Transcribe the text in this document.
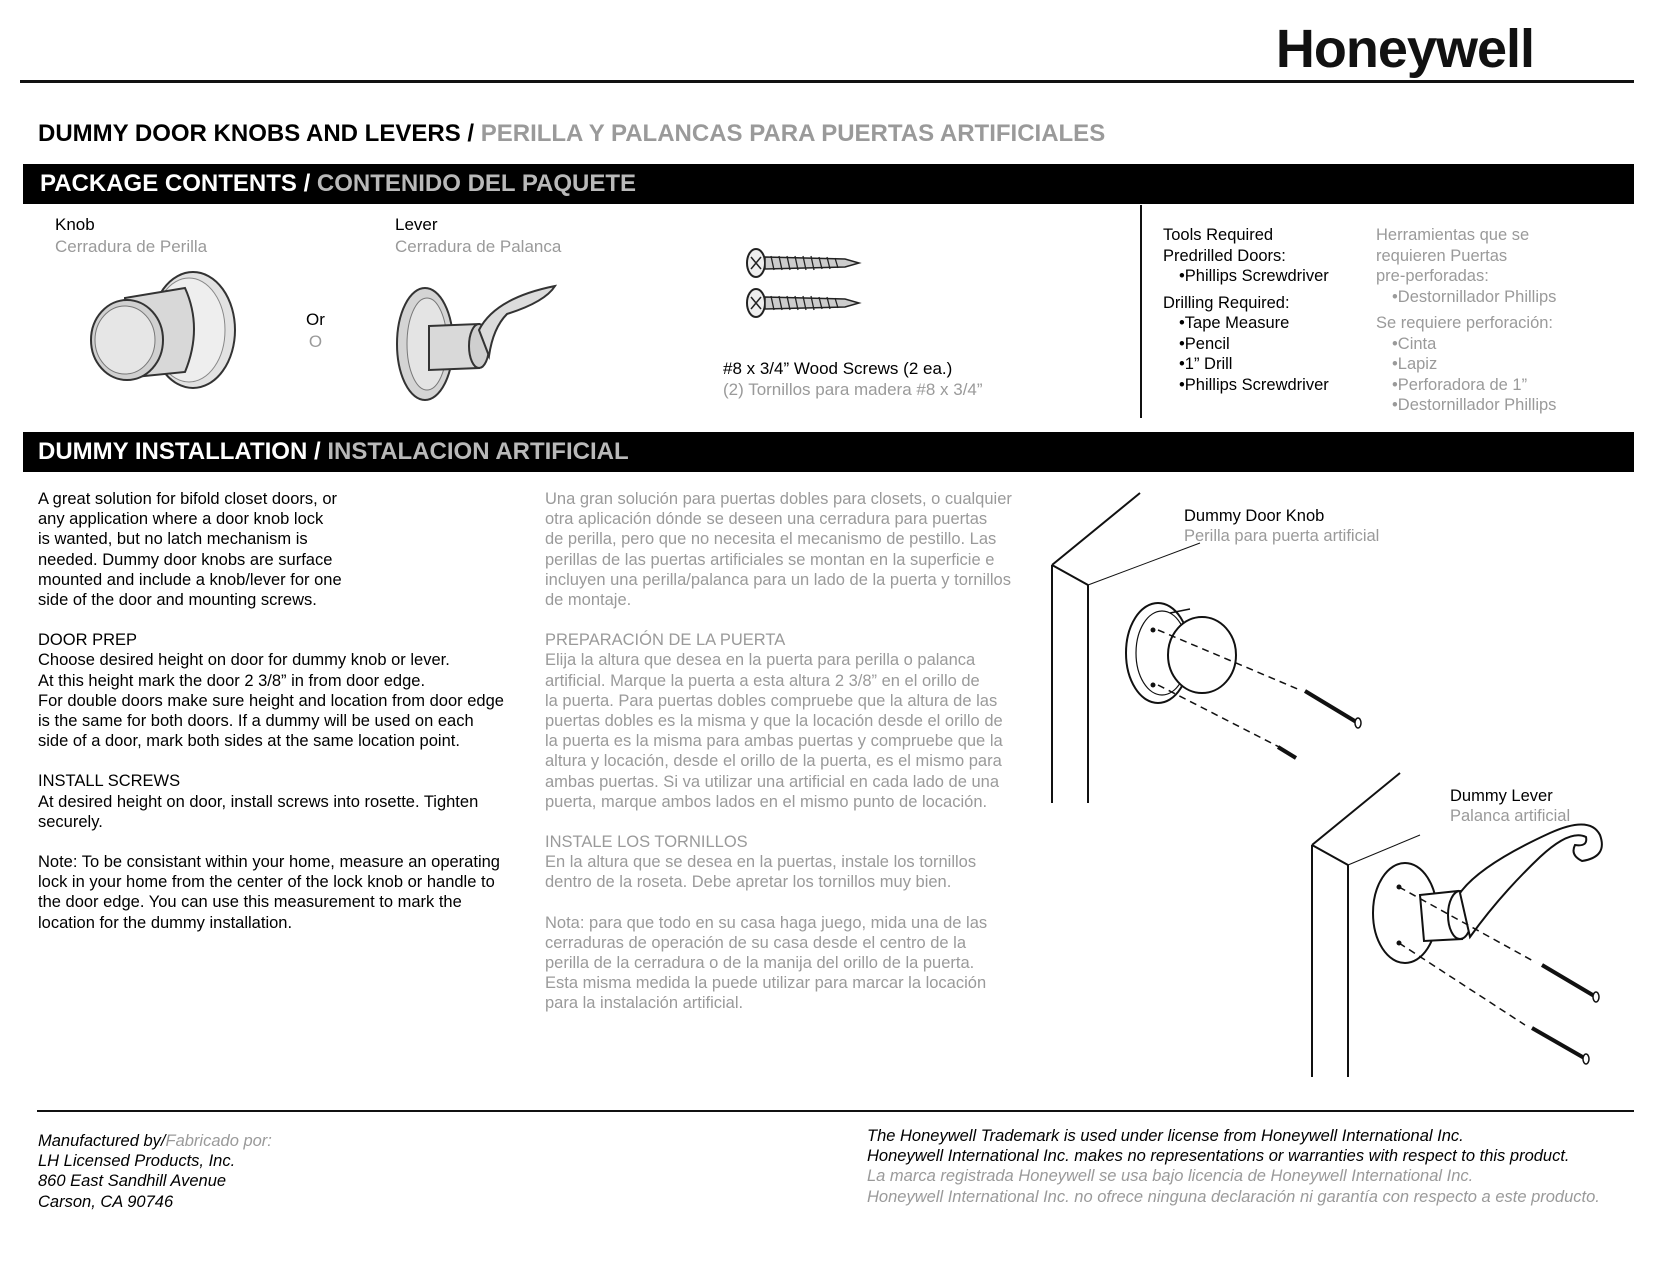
Honeywell
DUMMY DOOR KNOBS AND LEVERS / PERILLA Y PALANCAS PARA PUERTAS ARTIFICIALES
PACKAGE CONTENTS / CONTENIDO DEL PAQUETE
Knob
Cerradura de Perilla
Or
O
Lever
Cerradura de Palanca
#8 x 3/4” Wood Screws (2 ea.)
(2) Tornillos para madera #8 x 3/4”
Tools Required
Predrilled Doors:
• Phillips Screwdriver
Drilling Required:
• Tape Measure
• Pencil
• 1” Drill
• Phillips Screwdriver
Herramientas que se
requieren Puertas
pre-perforadas:
• Destornillador Phillips
Se requiere perforación:
• Cinta
• Lapiz
• Perforadora de 1”
• Destornillador Phillips
DUMMY INSTALLATION / INSTALACION ARTIFICIAL
A great solution for bifold closet doors, or
any application where a door knob lock
is wanted, but no latch mechanism is
needed. Dummy door knobs are surface
mounted and include a knob/lever for one
side of the door and mounting screws.
DOOR PREP
Choose desired height on door for dummy knob or lever.
At this height mark the door 2 3/8” in from door edge.
For double doors make sure height and location from door edge
is the same for both doors. If a dummy will be used on each
side of a door, mark both sides at the same location point.
INSTALL SCREWS
At desired height on door, install screws into rosette. Tighten
securely.
Note: To be consistant within your home, measure an operating
lock in your home from the center of the lock knob or handle to
the door edge. You can use this measurement to mark the
location for the dummy installation.
Una gran solución para puertas dobles para closets, o cualquier
otra aplicación dónde se deseen una cerradura para puertas
de perilla, pero que no necesita el mecanismo de pestillo. Las
perillas de las puertas artificiales se montan en la superficie e
incluyen una perilla/palanca para un lado de la puerta y tornillos
de montaje.
PREPARACIÓN DE LA PUERTA
Elija la altura que desea en la puerta para perilla o palanca
artificial. Marque la puerta a esta altura 2 3/8” en el orillo de
la puerta. Para puertas dobles compruebe que la altura de las
puertas dobles es la misma y que la locación desde el orillo de
la puerta es la misma para ambas puertas y compruebe que la
altura y locación, desde el orillo de la puerta, es el mismo para
ambas puertas. Si va utilizar una artificial en cada lado de una
puerta, marque ambos lados en el mismo punto de locación.
INSTALE LOS TORNILLOS
En la altura que se desea en la puertas, instale los tornillos
dentro de la roseta. Debe apretar los tornillos muy bien.
Nota: para que todo en su casa haga juego, mida una de las
cerraduras de operación de su casa desde el centro de la
perilla de la cerradura o de la manija del orillo de la puerta.
Esta misma medida la puede utilizar para marcar la locación
para la instalación artificial.
Dummy Door Knob
Perilla para puerta artificial
Dummy Lever
Palanca artificial
Manufactured by/Fabricado por:
LH Licensed Products, Inc.
860 East Sandhill Avenue
Carson, CA 90746
The Honeywell Trademark is used under license from Honeywell International Inc.
Honeywell International Inc. makes no representations or warranties with respect to this product.
La marca registrada Honeywell se usa bajo licencia de Honeywell International Inc.
Honeywell International Inc. no ofrece ninguna declaración ni garantía con respecto a este producto.
